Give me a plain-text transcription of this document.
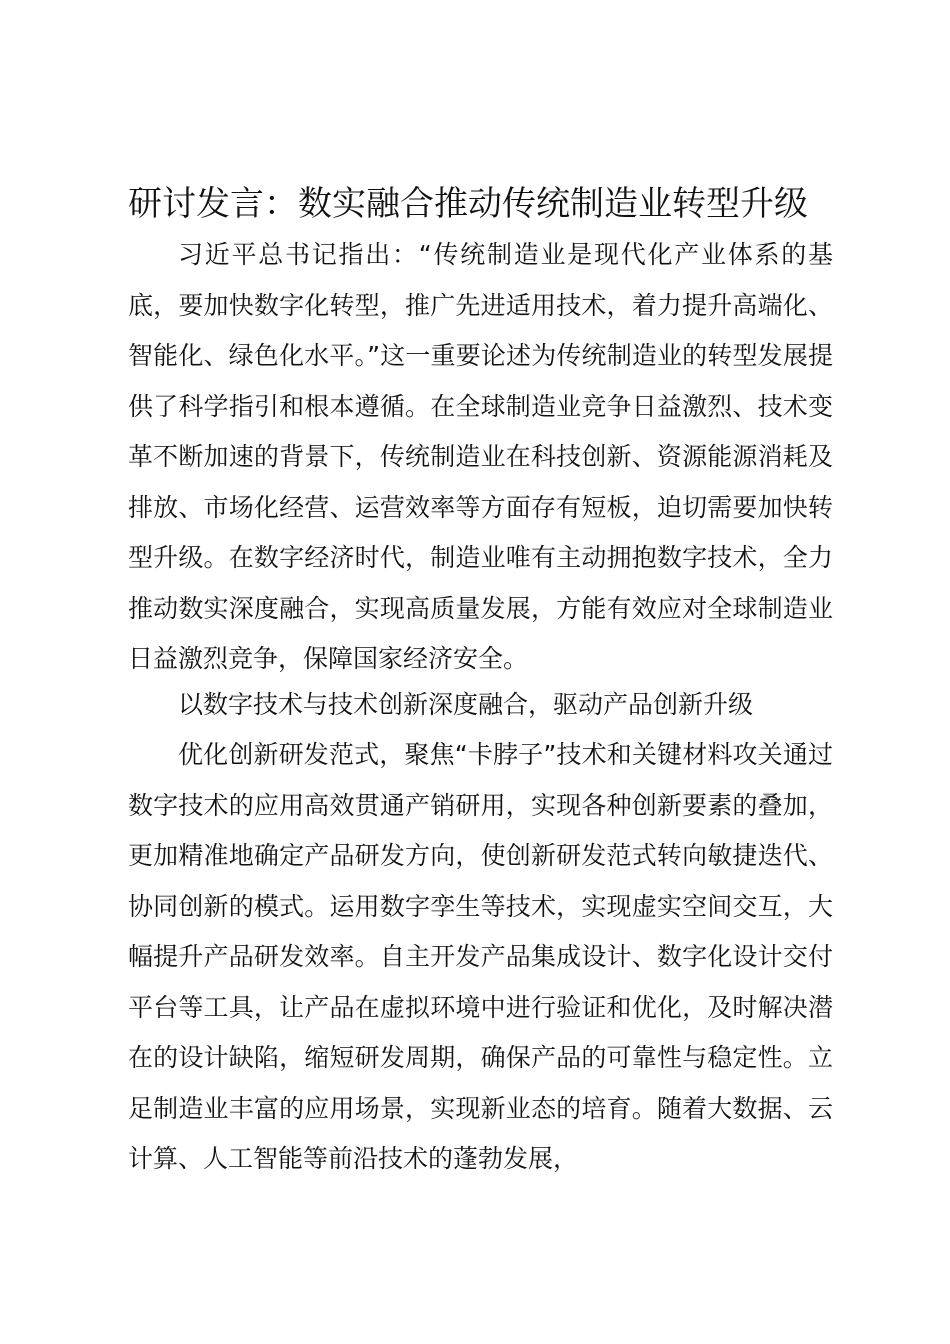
研讨发言：数实融合推动传统制造业转型升级
习近平总书记指出：“传统制造业是现代化产业体系的基底，要加快数字化转型，推广先进适用技术，着力提升高端化、智能化、绿色化水平。”这一重要论述为传统制造业的转型发展提供了科学指引和根本遵循。在全球制造业竞争日益激烈、技术变革不断加速的背景下，传统制造业在科技创新、资源能源消耗及排放、市场化经营、运营效率等方面存有短板，迫切需要加快转型升级。在数字经济时代，制造业唯有主动拥抱数字技术，全力推动数实深度融合，实现高质量发展，方能有效应对全球制造业日益激烈竞争，保障国家经济安全。
以数字技术与技术创新深度融合，驱动产品创新升级
优化创新研发范式，聚焦“卡脖子”技术和关键材料攻关通过数字技术的应用高效贯通产销研用，实现各种创新要素的叠加，更加精准地确定产品研发方向，使创新研发范式转向敏捷迭代、协同创新的模式。运用数字孪生等技术，实现虚实空间交互，大幅提升产品研发效率。自主开发产品集成设计、数字化设计交付平台等工具，让产品在虚拟环境中进行验证和优化，及时解决潜在的设计缺陷，缩短研发周期，确保产品的可靠性与稳定性。立足制造业丰富的应用场景，实现新业态的培育。随着大数据、云计算、人工智能等前沿技术的蓬勃发展，
